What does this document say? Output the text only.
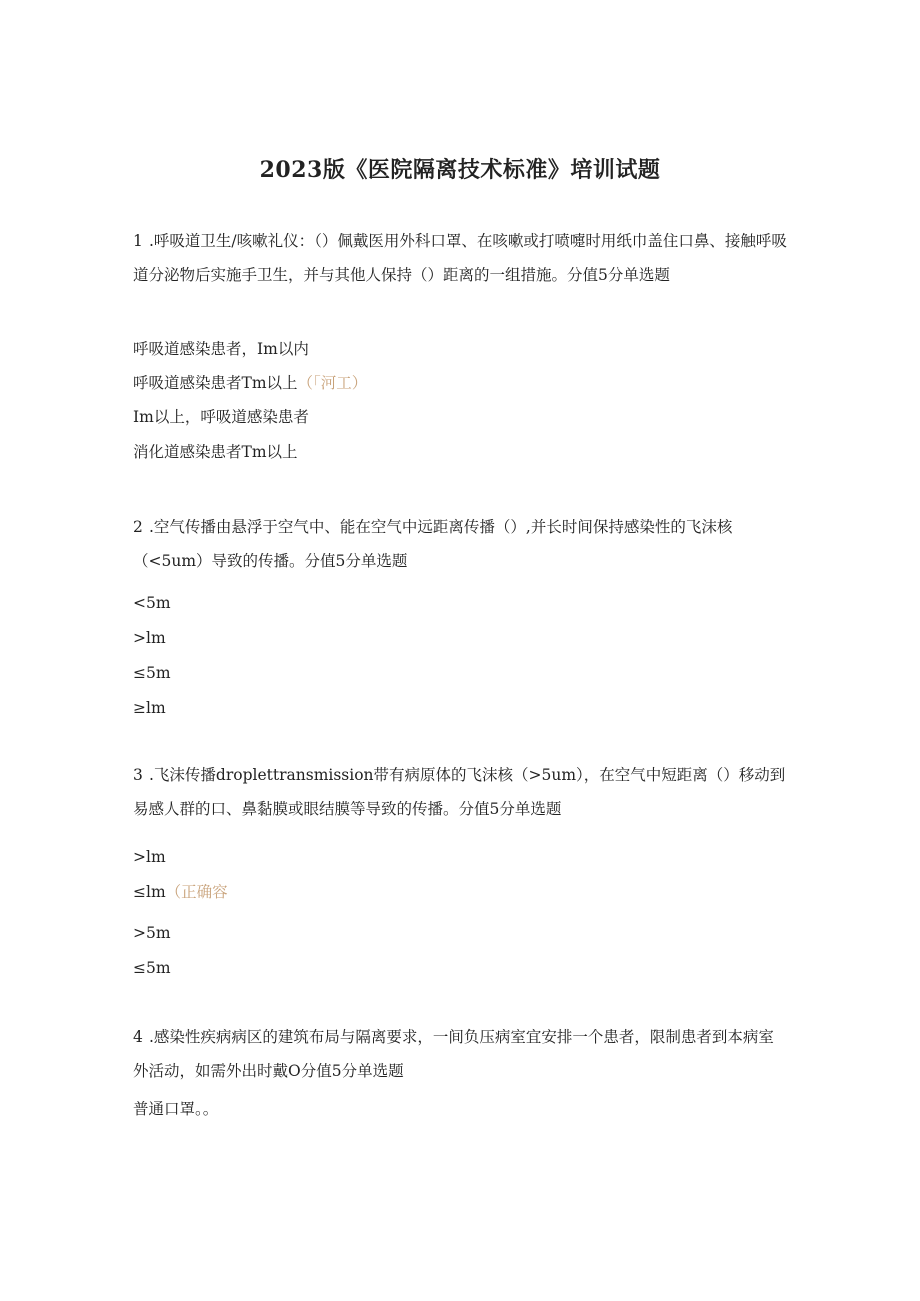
2023版《医院隔离技术标准》培训试题

1 .呼吸道卫生/咳嗽礼仪：（）佩戴医用外科口罩、在咳嗽或打喷嚏时用纸巾盖住口鼻、接触呼吸道分泌物后实施手卫生，并与其他人保持（）距离的一组措施。分值5分单选题

呼吸道感染患者，Im以内
呼吸道感染患者Tm以上（「河工）
Im以上，呼吸道感染患者
消化道感染患者Tm以上

2 .空气传播由悬浮于空气中、能在空气中远距离传播（）,并长时间保持感染性的飞沫核（<5um）导致的传播。分值5分单选题

<5m
>lm
≤5m
≥lm

3 .飞沫传播droplettransmission带有病原体的飞沫核（>5um），在空气中短距离（）移动到易感人群的口、鼻黏膜或眼结膜等导致的传播。分值5分单选题

>lm
≤lm（正确容
>5m
≤5m

4 .感染性疾病病区的建筑布局与隔离要求，一间负压病室宜安排一个患者，限制患者到本病室外活动，如需外出时戴O分值5分单选题

普通口罩。。
